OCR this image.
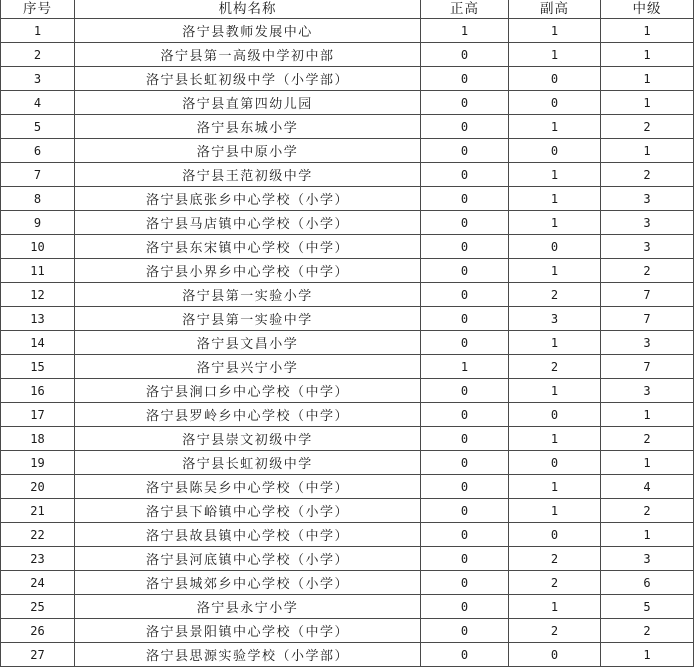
序号	机构名称	正高	副高	中级
1	洛宁县教师发展中心	1	1	1
2	洛宁县第一高级中学初中部	0	1	1
3	洛宁县长虹初级中学（小学部）	0	0	1
4	洛宁县直第四幼儿园	0	0	1
5	洛宁县东城小学	0	1	2
6	洛宁县中原小学	0	0	1
7	洛宁县王范初级中学	0	1	2
8	洛宁县底张乡中心学校（小学）	0	1	3
9	洛宁县马店镇中心学校（小学）	0	1	3
10	洛宁县东宋镇中心学校（中学）	0	0	3
11	洛宁县小界乡中心学校（中学）	0	1	2
12	洛宁县第一实验小学	0	2	7
13	洛宁县第一实验中学	0	3	7
14	洛宁县文昌小学	0	1	3
15	洛宁县兴宁小学	1	2	7
16	洛宁县涧口乡中心学校（中学）	0	1	3
17	洛宁县罗岭乡中心学校（中学）	0	0	1
18	洛宁县崇文初级中学	0	1	2
19	洛宁县长虹初级中学	0	0	1
20	洛宁县陈吴乡中心学校（中学）	0	1	4
21	洛宁县下峪镇中心学校（小学）	0	1	2
22	洛宁县故县镇中心学校（中学）	0	0	1
23	洛宁县河底镇中心学校（小学）	0	2	3
24	洛宁县城郊乡中心学校（小学）	0	2	6
25	洛宁县永宁小学	0	1	5
26	洛宁县景阳镇中心学校（中学）	0	2	2
27	洛宁县思源实验学校（小学部）	0	0	1
